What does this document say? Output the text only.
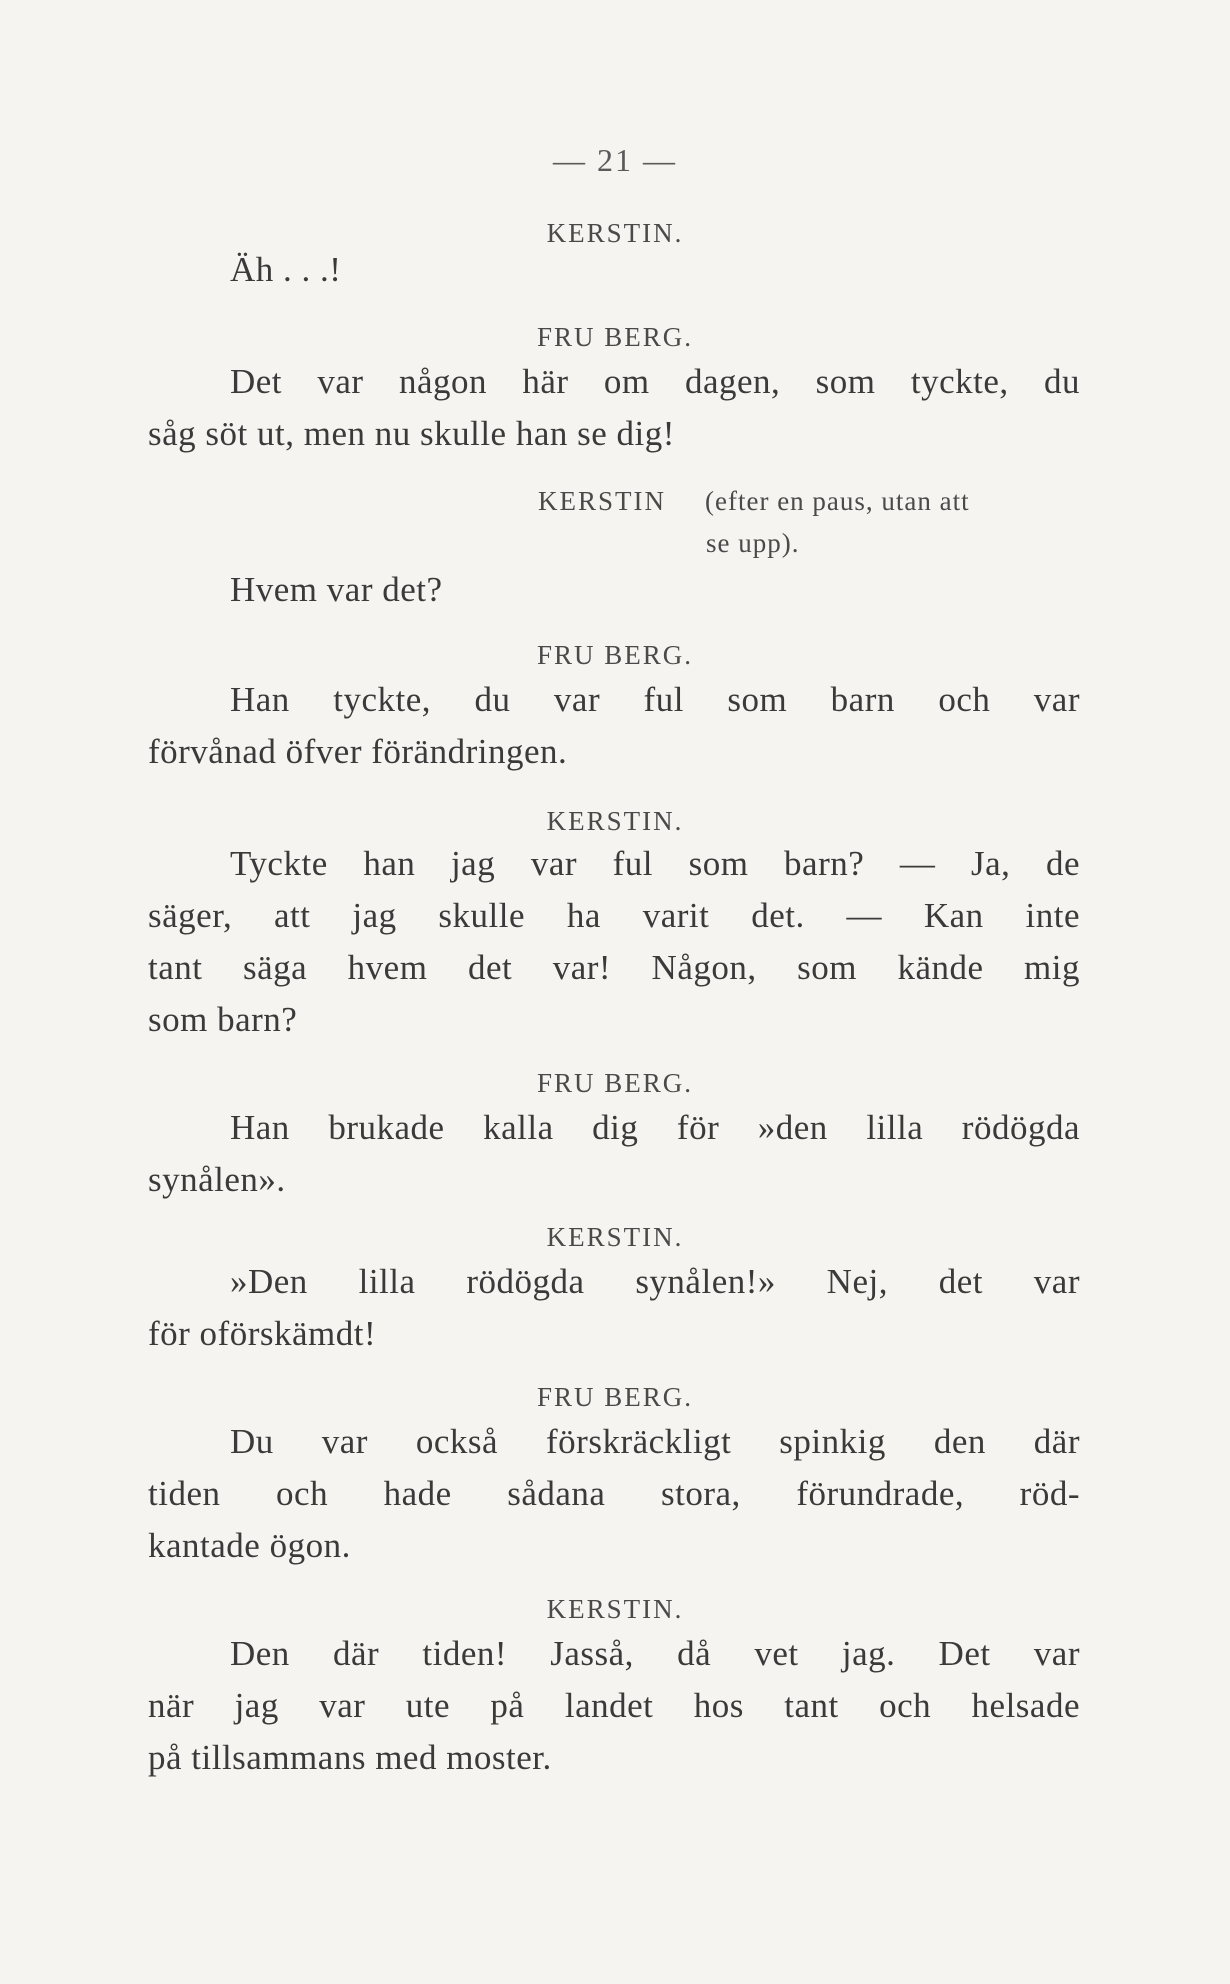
— 21 —
KERSTIN.
Äh . . .!
FRU BERG.
Det var någon här om dagen, som tyckte, du
såg söt ut, men nu skulle han se dig!
KERSTIN (efter en paus, utan att
se upp).
Hvem var det?
FRU BERG.
Han tyckte, du var ful som barn och var
förvånad öfver förändringen.
KERSTIN.
Tyckte han jag var ful som barn? — Ja, de
säger, att jag skulle ha varit det. — Kan inte
tant säga hvem det var! Någon, som kände mig
som barn?
FRU BERG.
Han brukade kalla dig för »den lilla rödögda
synålen».
KERSTIN.
»Den lilla rödögda synålen!» Nej, det var
för oförskämdt!
FRU BERG.
Du var också förskräckligt spinkig den där
tiden och hade sådana stora, förundrade, röd-
kantade ögon.
KERSTIN.
Den där tiden! Jasså, då vet jag. Det var
när jag var ute på landet hos tant och helsade
på tillsammans med moster.
